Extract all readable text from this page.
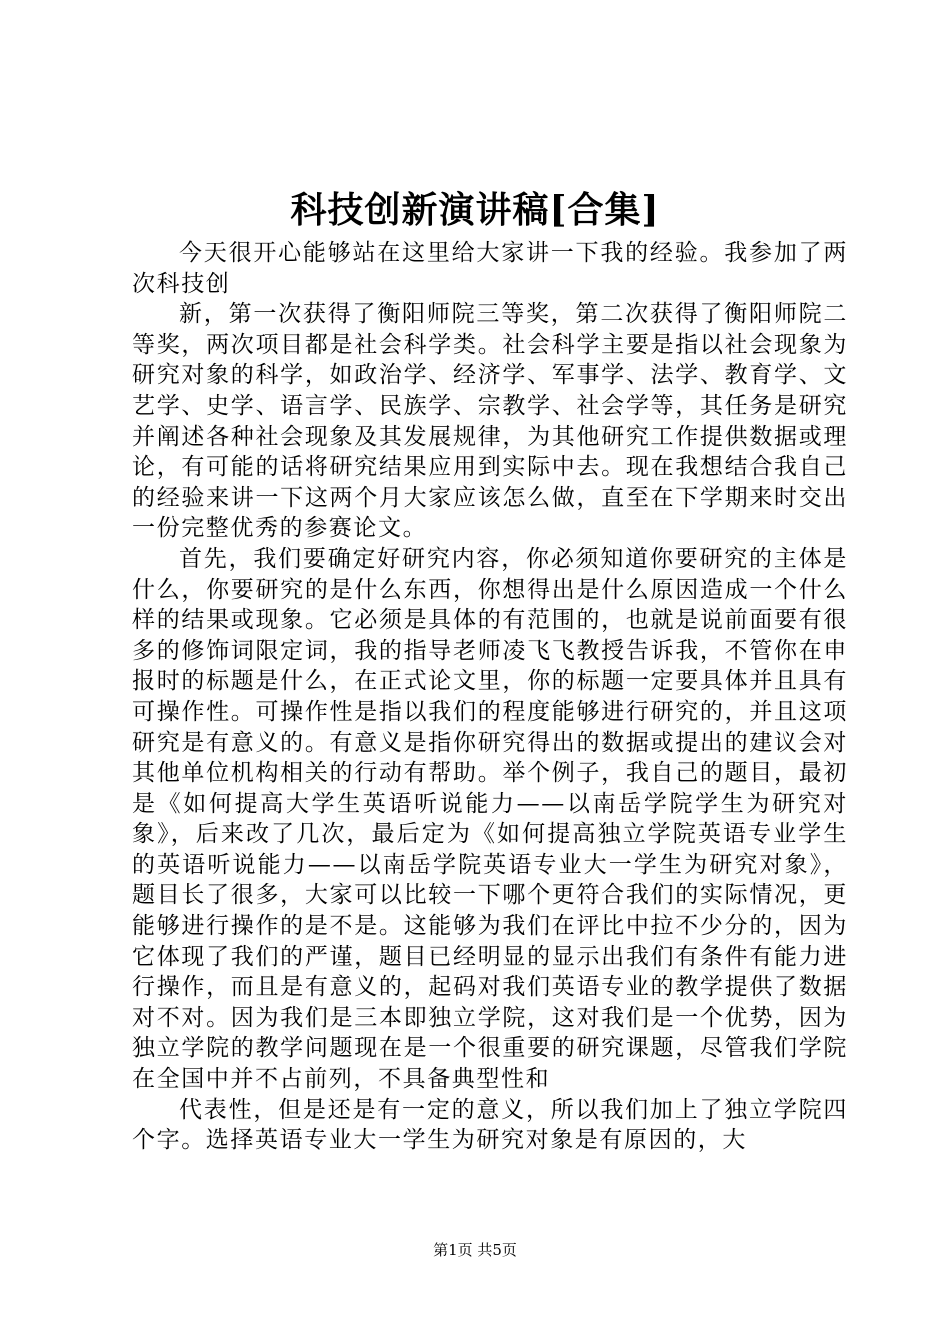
科技创新演讲稿[合集]

今天很开心能够站在这里给大家讲一下我的经验。我参加了两次科技创

新，第一次获得了衡阳师院三等奖，第二次获得了衡阳师院二等奖，两次项目都是社会科学类。社会科学主要是指以社会现象为研究对象的科学，如政治学、经济学、军事学、法学、教育学、文艺学、史学、语言学、民族学、宗教学、社会学等，其任务是研究并阐述各种社会现象及其发展规律，为其他研究工作提供数据或理论，有可能的话将研究结果应用到实际中去。现在我想结合我自己的经验来讲一下这两个月大家应该怎么做，直至在下学期来时交出一份完整优秀的参赛论文。

首先，我们要确定好研究内容，你必须知道你要研究的主体是什么，你要研究的是什么东西，你想得出是什么原因造成一个什么样的结果或现象。它必须是具体的有范围的，也就是说前面要有很多的修饰词限定词，我的指导老师凌飞飞教授告诉我，不管你在申报时的标题是什么，在正式论文里，你的标题一定要具体并且具有可操作性。可操作性是指以我们的程度能够进行研究的，并且这项研究是有意义的。有意义是指你研究得出的数据或提出的建议会对其他单位机构相关的行动有帮助。举个例子，我自己的题目，最初是《如何提高大学生英语听说能力——以南岳学院学生为研究对象》，后来改了几次，最后定为《如何提高独立学院英语专业学生的英语听说能力——以南岳学院英语专业大一学生为研究对象》，题目长了很多，大家可以比较一下哪个更符合我们的实际情况，更能够进行操作的是不是。这能够为我们在评比中拉不少分的，因为它体现了我们的严谨，题目已经明显的显示出我们有条件有能力进行操作，而且是有意义的，起码对我们英语专业的教学提供了数据对不对。因为我们是三本即独立学院，这对我们是一个优势，因为独立学院的教学问题现在是一个很重要的研究课题，尽管我们学院在全国中并不占前列，不具备典型性和

代表性，但是还是有一定的意义，所以我们加上了独立学院四个字。选择英语专业大一学生为研究对象是有原因的，大

第1页 共5页
